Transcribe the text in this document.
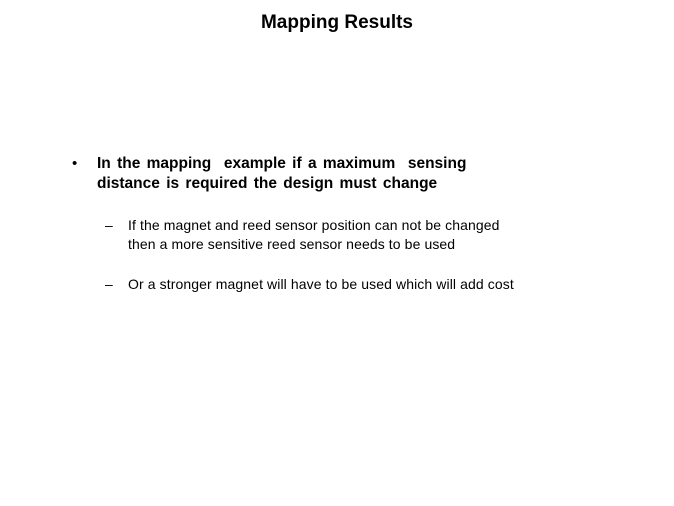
Mapping Results
• In the mapping  example if a maximum  sensing
distance is required the design must change
– If the magnet and reed sensor position can not be changed
then a more sensitive reed sensor needs to be used
– Or a stronger magnet will have to be used which will add cost
